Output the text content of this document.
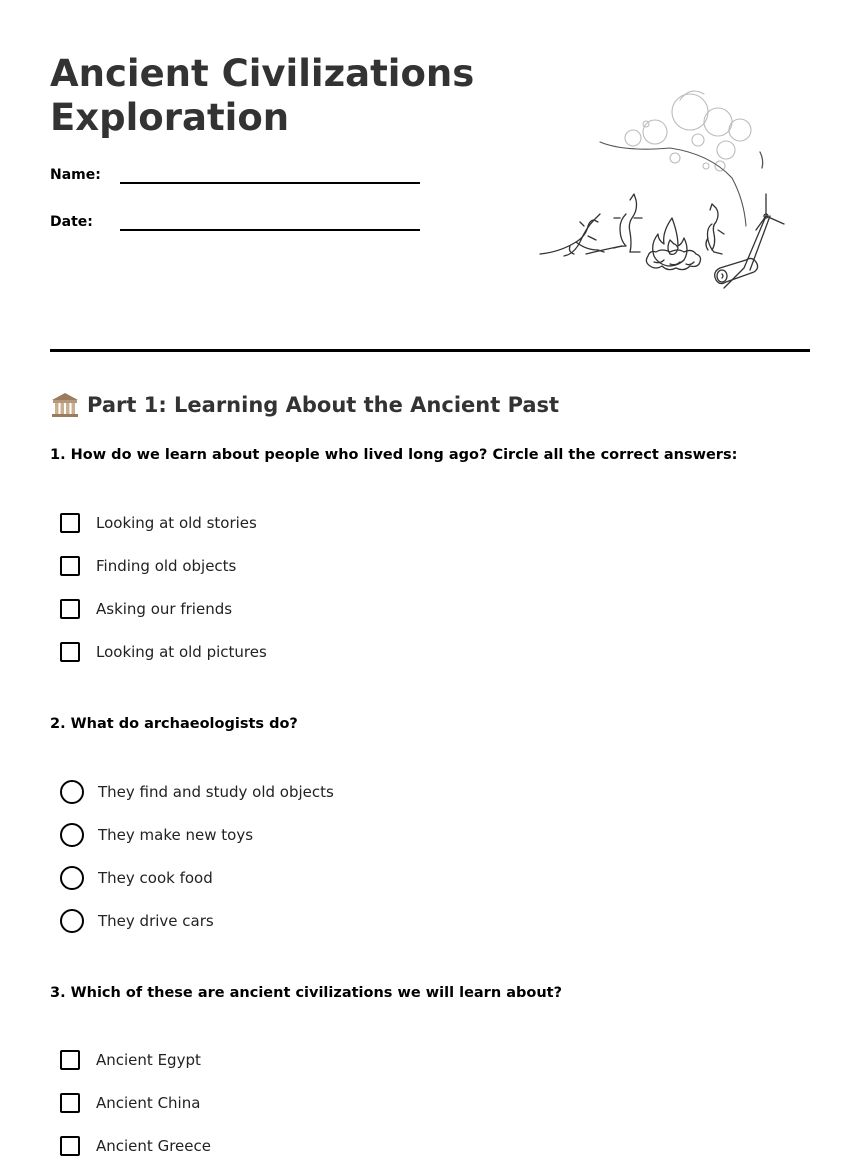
Ancient Civilizations Exploration
Name:
Date:
Part 1: Learning About the Ancient Past

1. How do we learn about people who lived long ago? Circle all the correct answers:

Looking at old stories
Finding old objects
Asking our friends
Looking at old pictures

2. What do archaeologists do?

They find and study old objects
They make new toys
They cook food
They drive cars

3. Which of these are ancient civilizations we will learn about?

Ancient Egypt
Ancient China
Ancient Greece
